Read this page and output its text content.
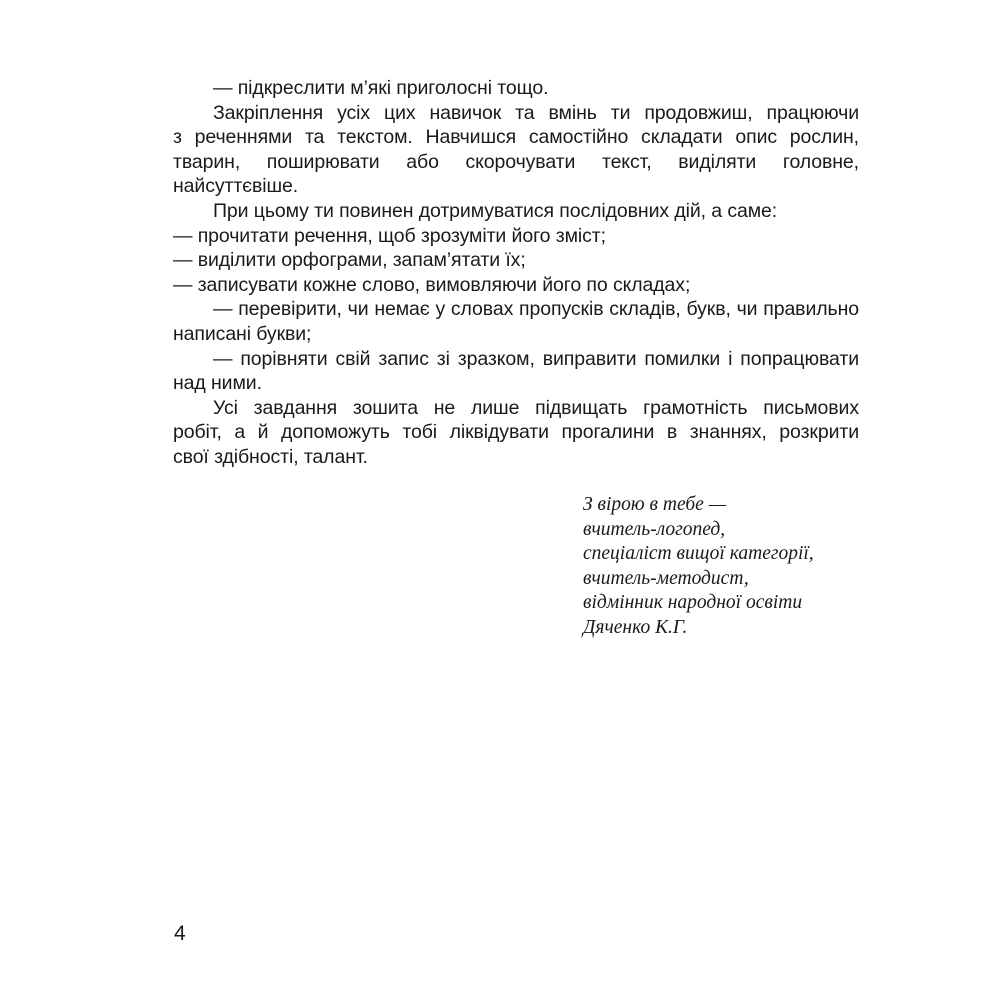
— підкреслити м’які приголосні тощо.
Закріплення усіх цих навичок та вмінь ти продовжиш, працюючи
з реченнями та текстом. Навчишся самостійно складати опис рослин,
тварин, поширювати або скорочувати текст, виділяти головне,
найсуттєвіше.
При цьому ти повинен дотримуватися послідовних дій, а саме:
— прочитати речення, щоб зрозуміти його зміст;
— виділити орфограми, запам’ятати їх;
— записувати кожне слово, вимовляючи його по складах;
— перевірити, чи немає у словах пропусків складів, букв, чи правильно
написані букви;
— порівняти свій запис зі зразком, виправити помилки і попрацювати
над ними.
Усі завдання зошита не лише підвищать грамотність письмових
робіт, а й допоможуть тобі ліквідувати прогалини в знаннях, розкрити
свої здібності, талант.
З вірою в тебе —
вчитель-логопед,
спеціаліст вищої категорії,
вчитель-методист,
відмінник народної освіти
Дяченко К.Г.
4
